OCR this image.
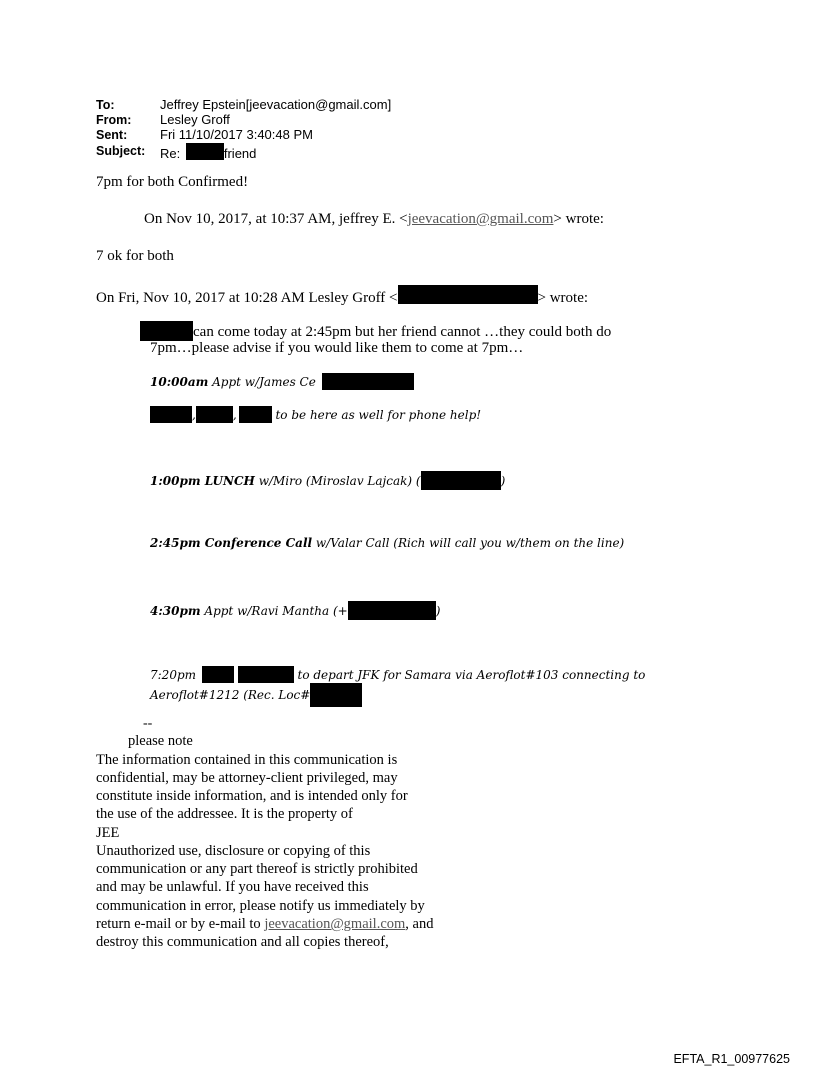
To:	Jeffrey Epstein[jeevacation@gmail.com]
From: Lesley Groff
Sent:	Fri 11/10/2017 3:40:48 PM
Subject: Re:	friend
7pm for both Confirmed!
On Nov 10, 2017, at 10:37 AM, jeffrey E. <jeevacation@gmail.com> wrote:
7 ok for both
On Fri, Nov 10, 2017 at 10:28 AM Lesley Groff <	> wrote:
can come today at 2:45pm but her friend cannot …they could both do
7pm…please advise if you would like them to come at 7pm…
10:00am Appt w/James Ce
,	,	to be here as well for phone help!
1:00pm LUNCH w/Miro (Miroslav Lajcak) (	)
2:45pm Conference Call w/Valar Call (Rich will call you w/them on the line)
4:30pm Appt w/Ravi Mantha (+	)
7:20pm	to depart JFK for Samara via Aeroflot#103 connecting to
Aeroflot#1212 (Rec. Loc#
--
please note
The information contained in this communication is
confidential, may be attorney-client privileged, may
constitute inside information, and is intended only for
the use of the addressee. It is the property of
JEE
Unauthorized use, disclosure or copying of this
communication or any part thereof is strictly prohibited
and may be unlawful. If you have received this
communication in error, please notify us immediately by
return e-mail or by e-mail to jeevacation@gmail.com, and
destroy this communication and all copies thereof,
EFTA_R1_00977625
